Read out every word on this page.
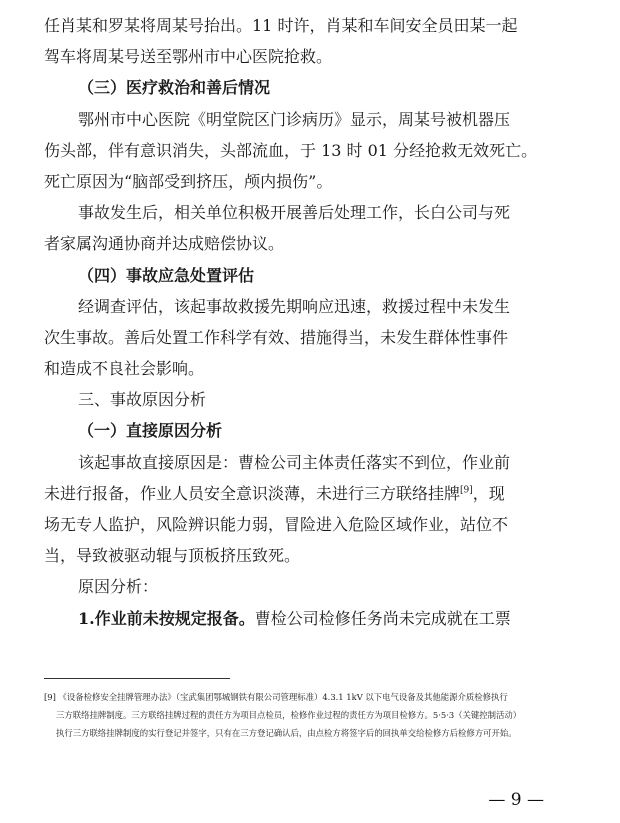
任肖某和罗某将周某号抬出。11 时许，肖某和车间安全员田某一起
驾车将周某号送至鄂州市中心医院抢救。
（三）医疗救治和善后情况
鄂州市中心医院《明堂院区门诊病历》显示，周某号被机器压
伤头部，伴有意识消失，头部流血，于 13 时 01 分经抢救无效死亡。
死亡原因为“脑部受到挤压，颅内损伤”。
事故发生后，相关单位积极开展善后处理工作，长白公司与死
者家属沟通协商并达成赔偿协议。
（四）事故应急处置评估
经调查评估，该起事故救援先期响应迅速，救援过程中未发生
次生事故。善后处置工作科学有效、措施得当，未发生群体性事件
和造成不良社会影响。
三、事故原因分析
（一）直接原因分析
该起事故直接原因是：曹检公司主体责任落实不到位，作业前
未进行报备，作业人员安全意识淡薄，未进行三方联络挂牌[9]，现
场无专人监护，风险辨识能力弱，冒险进入危险区域作业，站位不
当，导致被驱动辊与顶板挤压致死。
原因分析：
1.作业前未按规定报备。曹检公司检修任务尚未完成就在工票
[9] 《设备检修安全挂牌管理办法》（宝武集团鄂城钢铁有限公司管理标准）4.3.1 1kV 以下电气设备及其他能源介质检修执行
三方联络挂牌制度。三方联络挂牌过程的责任方为项目点检员，检修作业过程的责任方为项目检修方。5·5·3（关键控制活动）
执行三方联络挂牌制度的实行登记并签字，只有在三方登记确认后，由点检方将签字后的回执单交给检修方后检修方可开始。
— 9 —
